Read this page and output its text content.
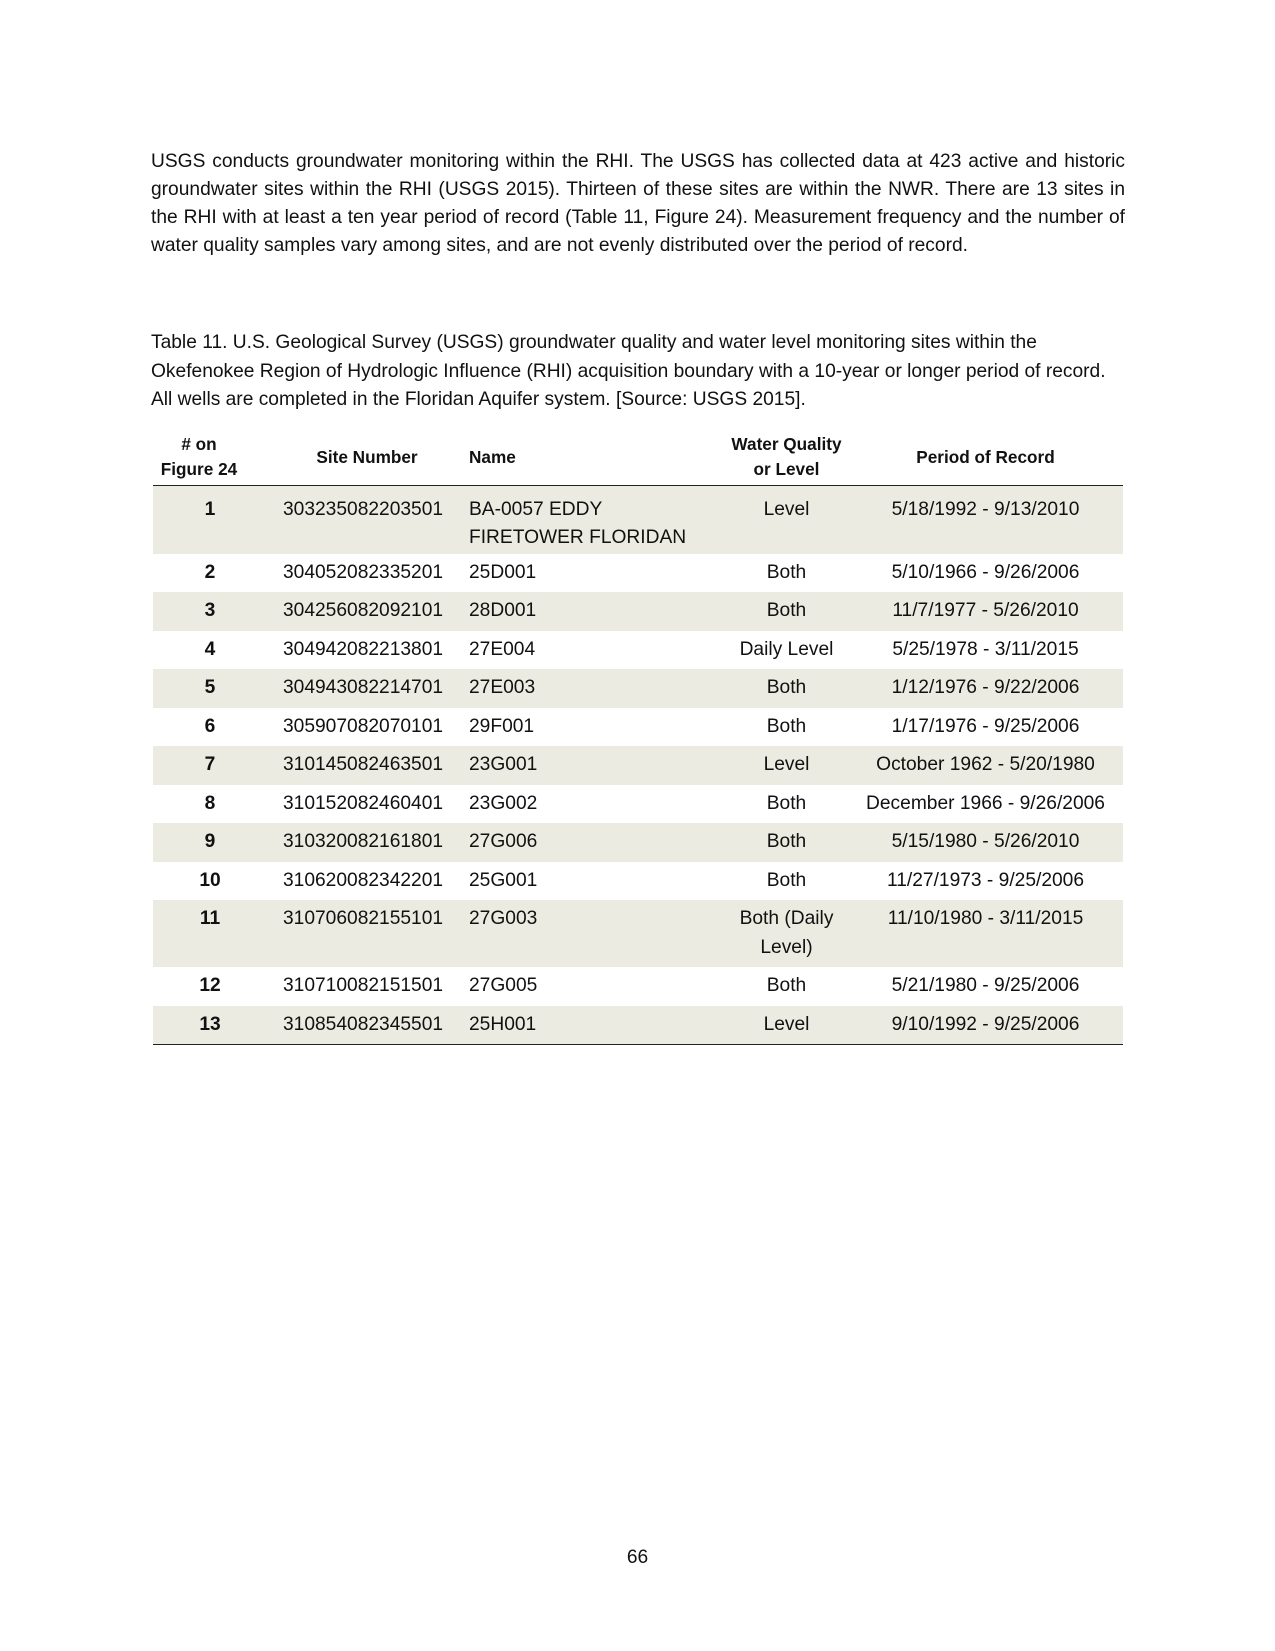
USGS conducts groundwater monitoring within the RHI. The USGS has collected data at 423 active and historic groundwater sites within the RHI (USGS 2015). Thirteen of these sites are within the NWR. There are 13 sites in the RHI with at least a ten year period of record (Table 11, Figure 24). Measurement frequency and the number of water quality samples vary among sites, and are not evenly distributed over the period of record.

Table 11. U.S. Geological Survey (USGS) groundwater quality and water level monitoring sites within the Okefenokee Region of Hydrologic Influence (RHI) acquisition boundary with a 10-year or longer period of record. All wells are completed in the Floridan Aquifer system. [Source: USGS 2015].

# on Figure 24	Site Number	Name	Water Quality or Level	Period of Record
1	303235082203501	BA-0057 EDDY FIRETOWER FLORIDAN	Level	5/18/1992 - 9/13/2010
2	304052082335201	25D001	Both	5/10/1966 - 9/26/2006
3	304256082092101	28D001	Both	11/7/1977 - 5/26/2010
4	304942082213801	27E004	Daily Level	5/25/1978 - 3/11/2015
5	304943082214701	27E003	Both	1/12/1976 - 9/22/2006
6	305907082070101	29F001	Both	1/17/1976 - 9/25/2006
7	310145082463501	23G001	Level	October 1962 - 5/20/1980
8	310152082460401	23G002	Both	December 1966 - 9/26/2006
9	310320082161801	27G006	Both	5/15/1980 - 5/26/2010
10	310620082342201	25G001	Both	11/27/1973 - 9/25/2006
11	310706082155101	27G003	Both (Daily Level)	11/10/1980 - 3/11/2015
12	310710082151501	27G005	Both	5/21/1980 - 9/25/2006
13	310854082345501	25H001	Level	9/10/1992 - 9/25/2006
66
